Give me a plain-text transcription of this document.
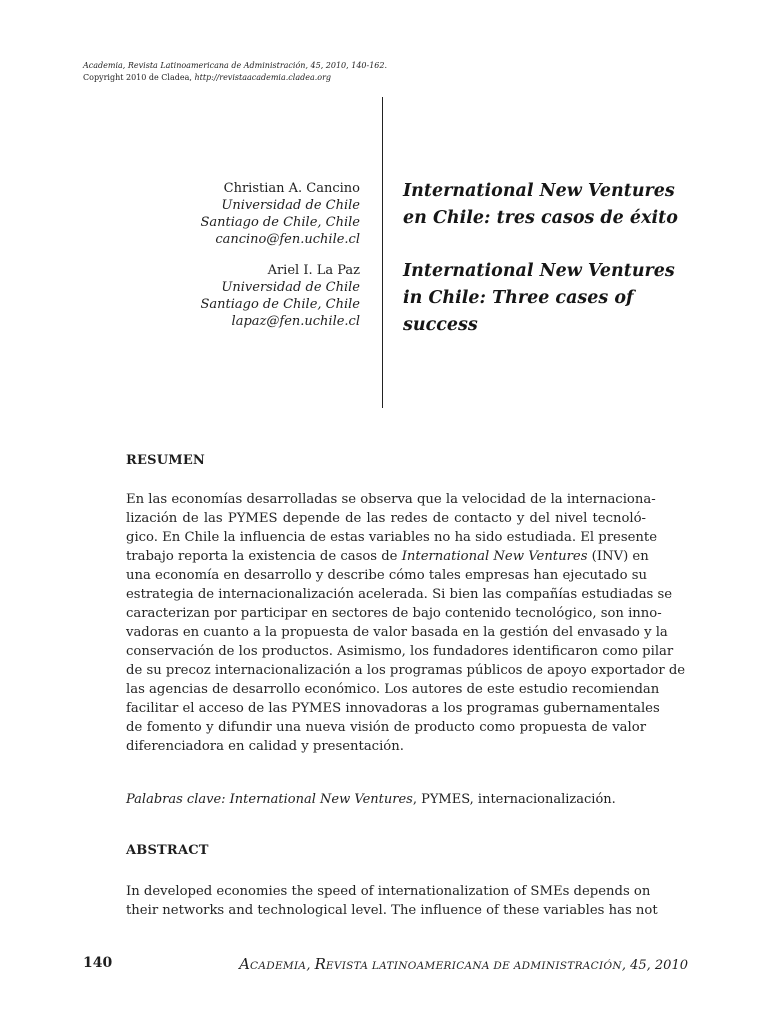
Academia, Revista Latinoamericana de Administración, 45, 2010, 140-162.
Copyright 2010 de Cladea, http://revistaacademia.cladea.org
Christian A. Cancino
Universidad de Chile
Santiago de Chile, Chile
cancino@fen.uchile.cl
Ariel I. La Paz
Universidad de Chile
Santiago de Chile, Chile
lapaz@fen.uchile.cl
International New Ventures
en Chile: tres casos de éxito
International New Ventures
in Chile: Three cases of
success
RESUMEN
En las economías desarrolladas se observa que la velocidad de la internaciona-
lización de las PYMES depende de las redes de contacto y del nivel tecnoló-
gico. En Chile la influencia de estas variables no ha sido estudiada. El presente
trabajo reporta la existencia de casos de International New Ventures (INV) en
una economía en desarrollo y describe cómo tales empresas han ejecutado su
estrategia de internacionalización acelerada. Si bien las compañías estudiadas se
caracterizan por participar en sectores de bajo contenido tecnológico, son inno-
vadoras en cuanto a la propuesta de valor basada en la gestión del envasado y la
conservación de los productos. Asimismo, los fundadores identificaron como pilar
de su precoz internacionalización a los programas públicos de apoyo exportador de
las agencias de desarrollo económico. Los autores de este estudio recomiendan
facilitar el acceso de las PYMES innovadoras a los programas gubernamentales
de fomento y difundir una nueva visión de producto como propuesta de valor
diferenciadora en calidad y presentación.
Palabras clave: International New Ventures, PYMES, internacionalización.
ABSTRACT
In developed economies the speed of internationalization of SMEs depends on
their networks and technological level. The influence of these variables has not
140	ACADEMIA, REVISTA LATINOAMERICANA DE ADMINISTRACIÓN, 45, 2010
